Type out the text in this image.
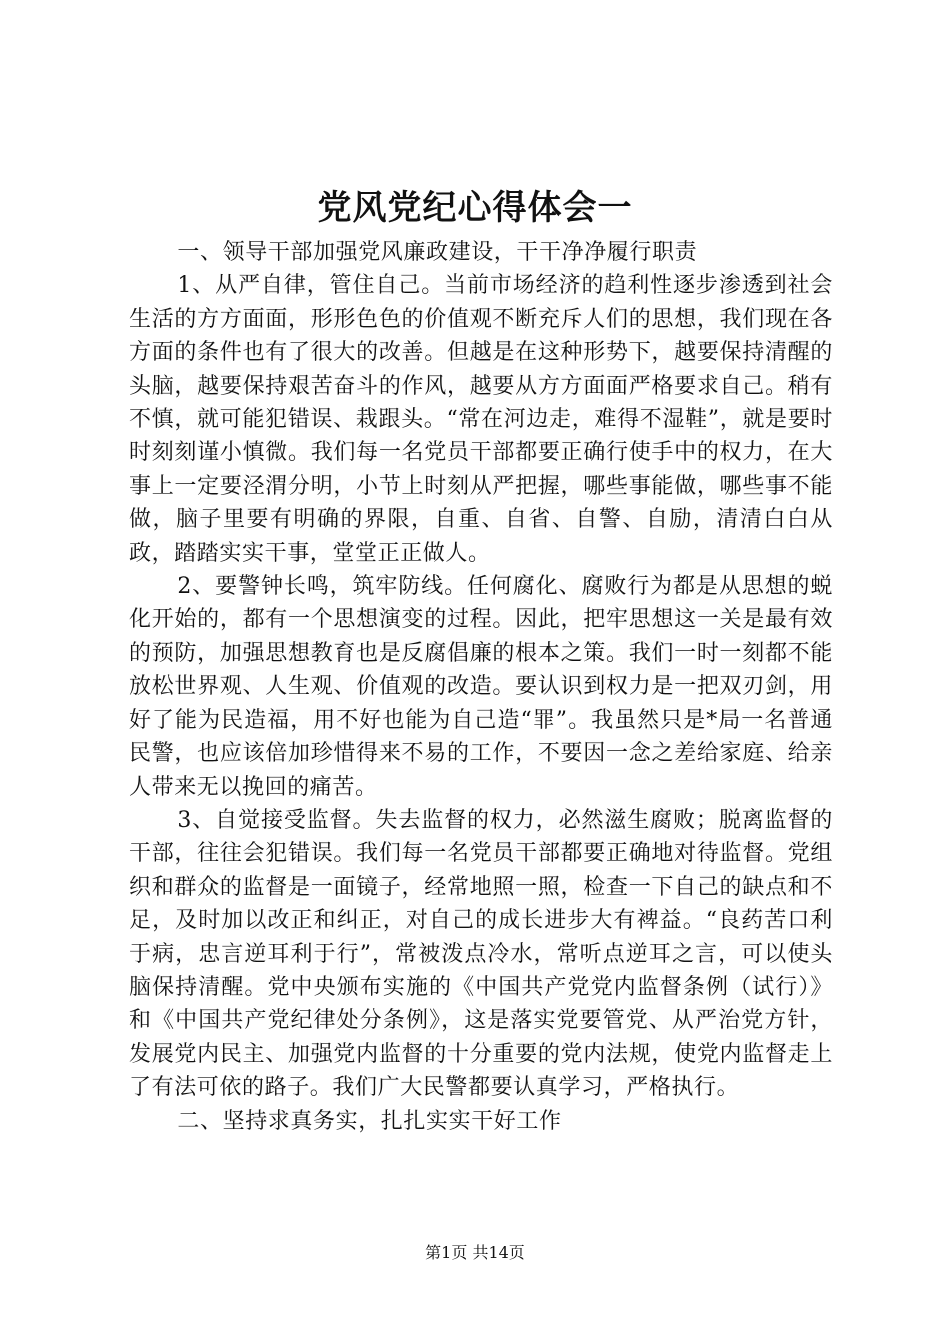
党风党纪心得体会一

一、领导干部加强党风廉政建设，干干净净履行职责

1、从严自律，管住自己。当前市场经济的趋利性逐步渗透到社会生活的方方面面，形形色色的价值观不断充斥人们的思想，我们现在各方面的条件也有了很大的改善。但越是在这种形势下，越要保持清醒的头脑，越要保持艰苦奋斗的作风，越要从方方面面严格要求自己。稍有不慎，就可能犯错误、栽跟头。“常在河边走，难得不湿鞋”，就是要时时刻刻谨小慎微。我们每一名党员干部都要正确行使手中的权力，在大事上一定要泾渭分明，小节上时刻从严把握，哪些事能做，哪些事不能做，脑子里要有明确的界限，自重、自省、自警、自励，清清白白从政，踏踏实实干事，堂堂正正做人。

2、要警钟长鸣，筑牢防线。任何腐化、腐败行为都是从思想的蜕化开始的，都有一个思想演变的过程。因此，把牢思想这一关是最有效的预防，加强思想教育也是反腐倡廉的根本之策。我们一时一刻都不能放松世界观、人生观、价值观的改造。要认识到权力是一把双刃剑，用好了能为民造福，用不好也能为自己造“罪”。我虽然只是*局一名普通民警，也应该倍加珍惜得来不易的工作，不要因一念之差给家庭、给亲人带来无以挽回的痛苦。

3、自觉接受监督。失去监督的权力，必然滋生腐败；脱离监督的干部，往往会犯错误。我们每一名党员干部都要正确地对待监督。党组织和群众的监督是一面镜子，经常地照一照，检查一下自己的缺点和不足，及时加以改正和纠正，对自己的成长进步大有裨益。“良药苦口利于病，忠言逆耳利于行”，常被泼点冷水，常听点逆耳之言，可以使头脑保持清醒。党中央颁布实施的《中国共产党党内监督条例（试行）》和《中国共产党纪律处分条例》，这是落实党要管党、从严治党方针，发展党内民主、加强党内监督的十分重要的党内法规，使党内监督走上了有法可依的路子。我们广大民警都要认真学习，严格执行。

二、坚持求真务实，扎扎实实干好工作

第1页 共14页
